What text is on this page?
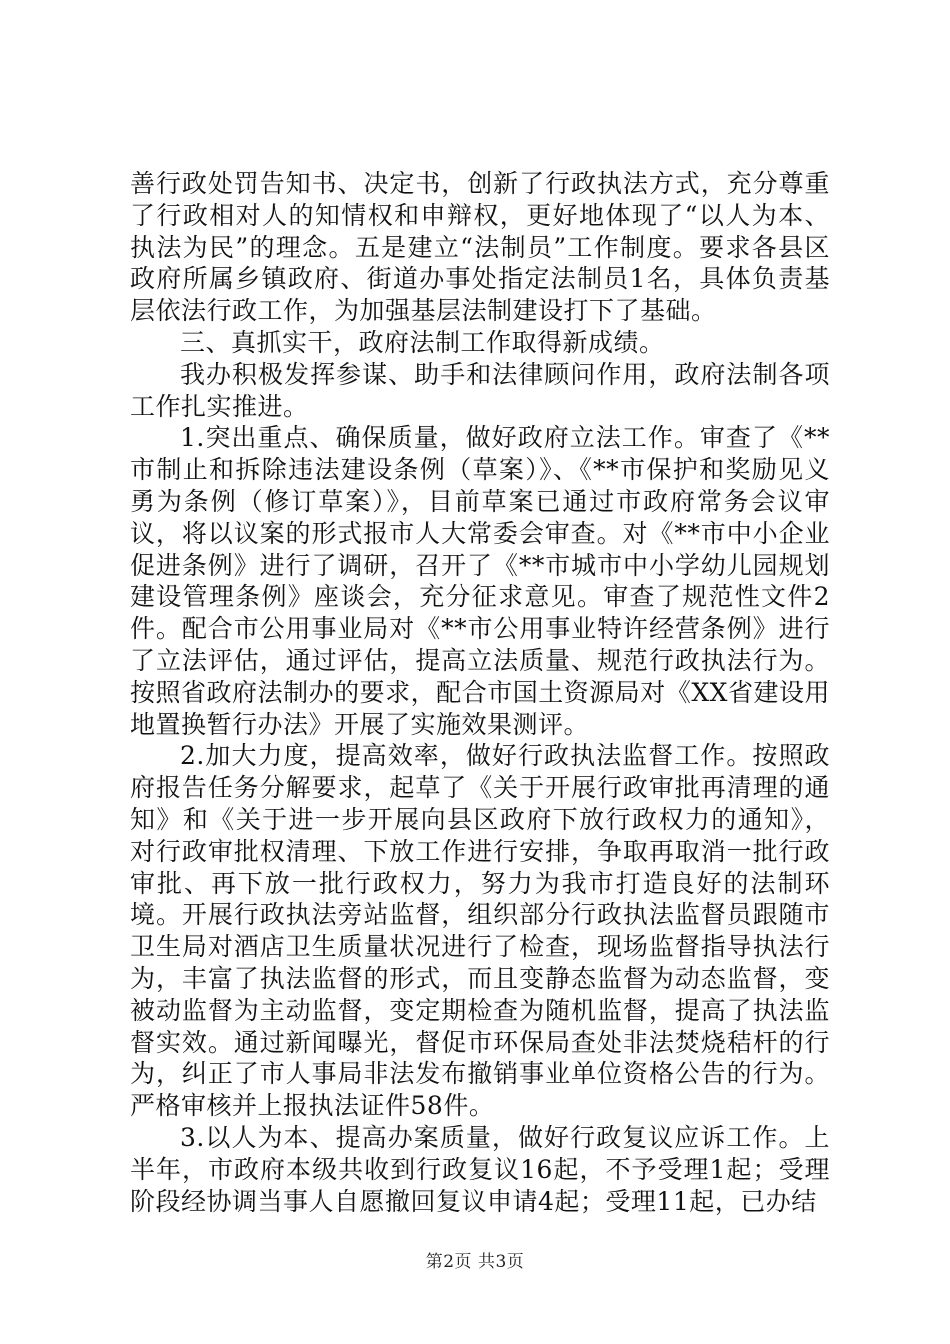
善行政处罚告知书、决定书，创新了行政执法方式，充分尊重了行政相对人的知情权和申辩权，更好地体现了“以人为本、执法为民”的理念。五是建立“法制员”工作制度。要求各县区政府所属乡镇政府、街道办事处指定法制员1名，具体负责基层依法行政工作，为加强基层法制建设打下了基础。

三、真抓实干，政府法制工作取得新成绩。

我办积极发挥参谋、助手和法律顾问作用，政府法制各项工作扎实推进。

1.突出重点、确保质量，做好政府立法工作。审查了《**市制止和拆除违法建设条例（草案）》、《**市保护和奖励见义勇为条例（修订草案）》，目前草案已通过市政府常务会议审议，将以议案的形式报市人大常委会审查。对《**市中小企业促进条例》进行了调研，召开了《**市城市中小学幼儿园规划建设管理条例》座谈会，充分征求意见。审查了规范性文件2件。配合市公用事业局对《**市公用事业特许经营条例》进行了立法评估，通过评估，提高立法质量、规范行政执法行为。按照省政府法制办的要求，配合市国土资源局对《XX省建设用地置换暂行办法》开展了实施效果测评。

2.加大力度，提高效率，做好行政执法监督工作。按照政府报告任务分解要求，起草了《关于开展行政审批再清理的通知》和《关于进一步开展向县区政府下放行政权力的通知》，对行政审批权清理、下放工作进行安排，争取再取消一批行政审批、再下放一批行政权力，努力为我市打造良好的法制环境。开展行政执法旁站监督，组织部分行政执法监督员跟随市卫生局对酒店卫生质量状况进行了检查，现场监督指导执法行为，丰富了执法监督的形式，而且变静态监督为动态监督，变被动监督为主动监督，变定期检查为随机监督，提高了执法监督实效。通过新闻曝光，督促市环保局查处非法焚烧秸杆的行为，纠正了市人事局非法发布撤销事业单位资格公告的行为。严格审核并上报执法证件58件。

3.以人为本、提高办案质量，做好行政复议应诉工作。上半年，市政府本级共收到行政复议16起，不予受理1起；受理阶段经协调当事人自愿撤回复议申请4起；受理11起，已办结

第2页 共3页
